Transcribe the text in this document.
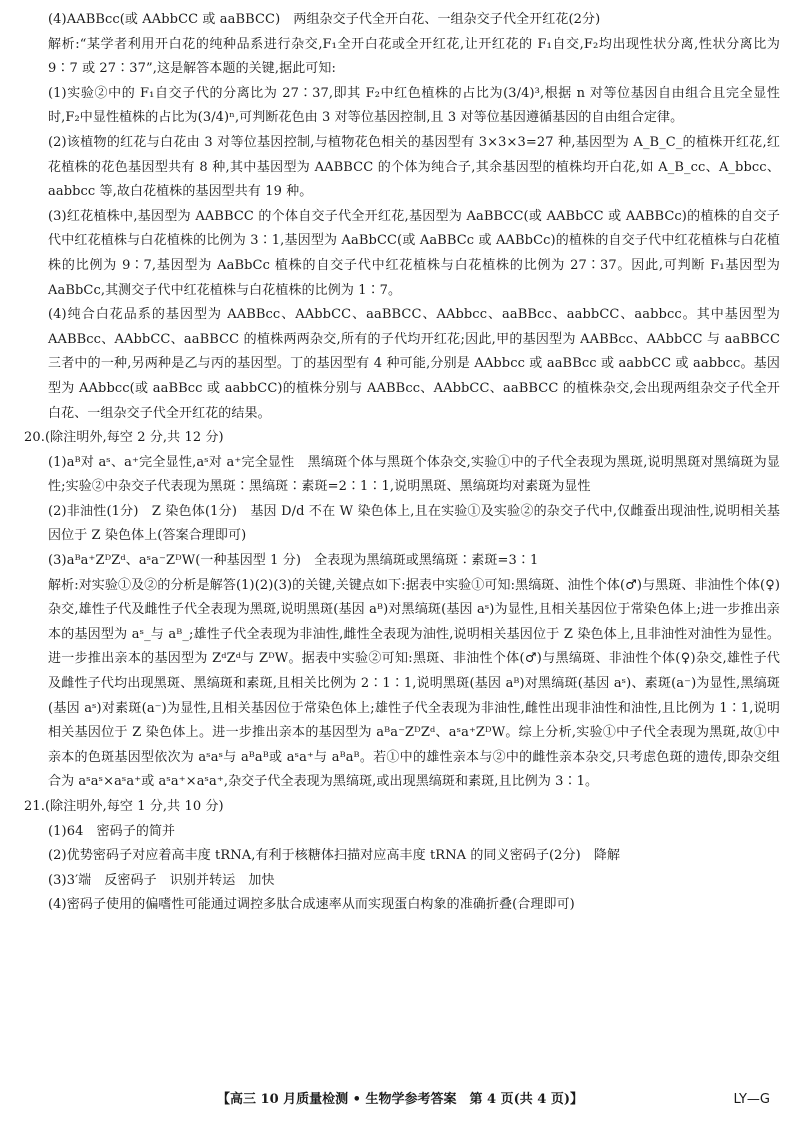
(4)AABBcc(或 AAbbCC 或 aaBBCC)　两组杂交子代全开白花、一组杂交子代全开红花(2分)

解析:“某学者利用开白花的纯种品系进行杂交,F₁全开白花或全开红花,让开红花的 F₁自交,F₂均出现性状分离,性状分离比为 9∶7 或 27∶37”,这是解答本题的关键,据此可知:

(1)实验②中的 F₁自交子代的分离比为 27∶37,即其 F₂中红色植株的占比为(3/4)³,根据 n 对等位基因自由组合且完全显性时,F₂中显性植株的占比为(3/4)ⁿ,可判断花色由 3 对等位基因控制,且 3 对等位基因遵循基因的自由组合定律。

(2)该植物的红花与白花由 3 对等位基因控制,与植物花色相关的基因型有 3×3×3=27 种,基因型为 A_B_C_的植株开红花,红花植株的花色基因型共有 8 种,其中基因型为 AABBCC 的个体为纯合子,其余基因型的植株均开白花,如 A_B_cc、A_bbcc、aabbcc 等,故白花植株的基因型共有 19 种。

(3)红花植株中,基因型为 AABBCC 的个体自交子代全开红花,基因型为 AaBBCC(或 AABbCC 或 AABBCc)的植株的自交子代中红花植株与白花植株的比例为 3∶1,基因型为 AaBbCC(或 AaBBCc 或 AABbCc)的植株的自交子代中红花植株与白花植株的比例为 9∶7,基因型为 AaBbCc 植株的自交子代中红花植株与白花植株的比例为 27∶37。因此,可判断 F₁基因型为 AaBbCc,其测交子代中红花植株与白花植株的比例为 1∶7。

(4)纯合白花品系的基因型为 AABBcc、AAbbCC、aaBBCC、AAbbcc、aaBBcc、aabbCC、aabbcc。其中基因型为 AABBcc、AAbbCC、aaBBCC 的植株两两杂交,所有的子代均开红花;因此,甲的基因型为 AABBcc、AAbbCC 与 aaBBCC 三者中的一种,另两种是乙与丙的基因型。丁的基因型有 4 种可能,分别是 AAbbcc 或 aaBBcc 或 aabbCC 或 aabbcc。基因型为 AAbbcc(或 aaBBcc 或 aabbCC)的植株分别与 AABBcc、AAbbCC、aaBBCC 的植株杂交,会出现两组杂交子代全开白花、一组杂交子代全开红花的结果。

20.(除注明外,每空 2 分,共 12 分)

(1)aᴮ对 aˢ、a⁺完全显性,aˢ对 a⁺完全显性　黑缟斑个体与黑斑个体杂交,实验①中的子代全表现为黑斑,说明黑斑对黑缟斑为显性;实验②中杂交子代表现为黑斑∶黑缟斑∶素斑=2∶1∶1,说明黑斑、黑缟斑均对素斑为显性

(2)非油性(1分)　Z 染色体(1分)　基因 D/d 不在 W 染色体上,且在实验①及实验②的杂交子代中,仅雌蚕出现油性,说明相关基因位于 Z 染色体上(答案合理即可)

(3)aᴮa⁺ZᴰZᵈ、aˢa⁻ZᴰW(一种基因型 1 分)　全表现为黑缟斑或黑缟斑∶素斑=3∶1

解析:对实验①及②的分析是解答(1)(2)(3)的关键,关键点如下:据表中实验①可知:黑缟斑、油性个体(♂)与黑斑、非油性个体(♀)杂交,雄性子代及雌性子代全表现为黑斑,说明黑斑(基因 aᴮ)对黑缟斑(基因 aˢ)为显性,且相关基因位于常染色体上;进一步推出亲本的基因型为 aˢ_与 aᴮ_;雄性子代全表现为非油性,雌性全表现为油性,说明相关基因位于 Z 染色体上,且非油性对油性为显性。进一步推出亲本的基因型为 ZᵈZᵈ与 ZᴰW。据表中实验②可知:黑斑、非油性个体(♂)与黑缟斑、非油性个体(♀)杂交,雄性子代及雌性子代均出现黑斑、黑缟斑和素斑,且相关比例为 2∶1∶1,说明黑斑(基因 aᴮ)对黑缟斑(基因 aˢ)、素斑(a⁻)为显性,黑缟斑(基因 aˢ)对素斑(a⁻)为显性,且相关基因位于常染色体上;雄性子代全表现为非油性,雌性出现非油性和油性,且比例为 1∶1,说明相关基因位于 Z 染色体上。进一步推出亲本的基因型为 aᴮa⁻ZᴰZᵈ、aˢa⁺ZᴰW。综上分析,实验①中子代全表现为黑斑,故①中亲本的色斑基因型依次为 aˢaˢ与 aᴮaᴮ或 aˢa⁺与 aᴮaᴮ。若①中的雄性亲本与②中的雌性亲本杂交,只考虑色斑的遗传,即杂交组合为 aˢaˢ×aˢa⁺或 aˢa⁺×aˢa⁺,杂交子代全表现为黑缟斑,或出现黑缟斑和素斑,且比例为 3∶1。

21.(除注明外,每空 1 分,共 10 分)

(1)64　密码子的简并

(2)优势密码子对应着高丰度 tRNA,有利于核糖体扫描对应高丰度 tRNA 的同义密码子(2分)　降解

(3)3′端　反密码子　识别并转运　加快

(4)密码子使用的偏嗜性可能通过调控多肽合成速率从而实现蛋白构象的准确折叠(合理即可)

【高三 10 月质量检测 • 生物学参考答案　第 4 页(共 4 页)】	LY—G
